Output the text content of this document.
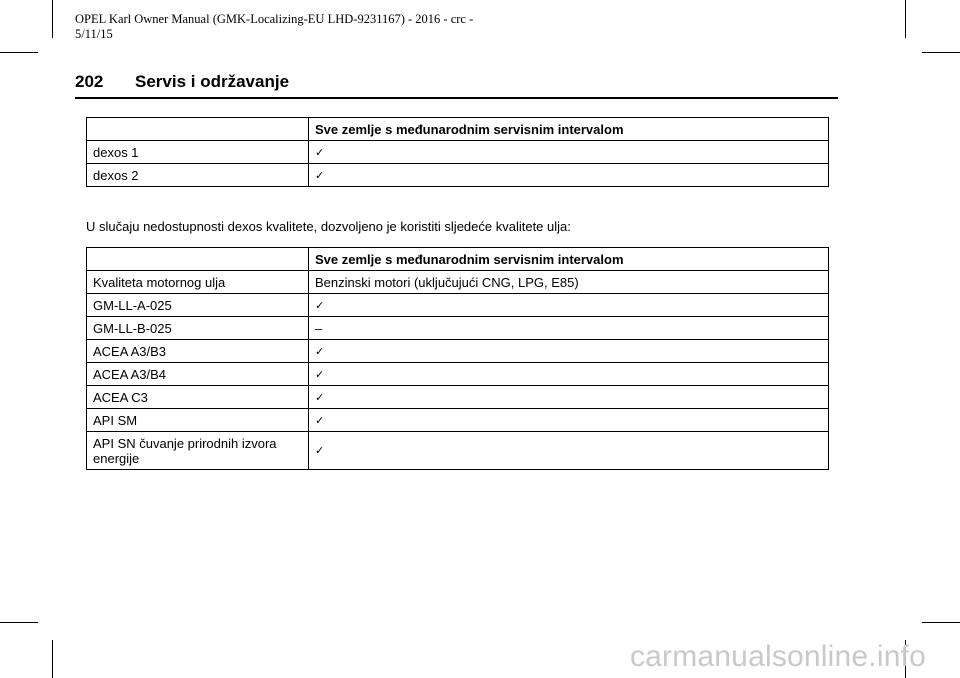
OPEL Karl Owner Manual (GMK-Localizing-EU LHD-9231167) - 2016 - crc -
5/11/15
202 Servis i održavanje
	Sve zemlje s međunarodnim servisnim intervalom
dexos 1	✓
dexos 2	✓
U slučaju nedostupnosti dexos kvalitete, dozvoljeno je koristiti sljedeće kvalitete ulja:
	Sve zemlje s međunarodnim servisnim intervalom
Kvaliteta motornog ulja	Benzinski motori (uključujući CNG, LPG, E85)
GM-LL-A-025	✓
GM-LL-B-025	–
ACEA A3/B3	✓
ACEA A3/B4	✓
ACEA C3	✓
API SM	✓
API SN čuvanje prirodnih izvora energije	✓
carmanualsonline.info
